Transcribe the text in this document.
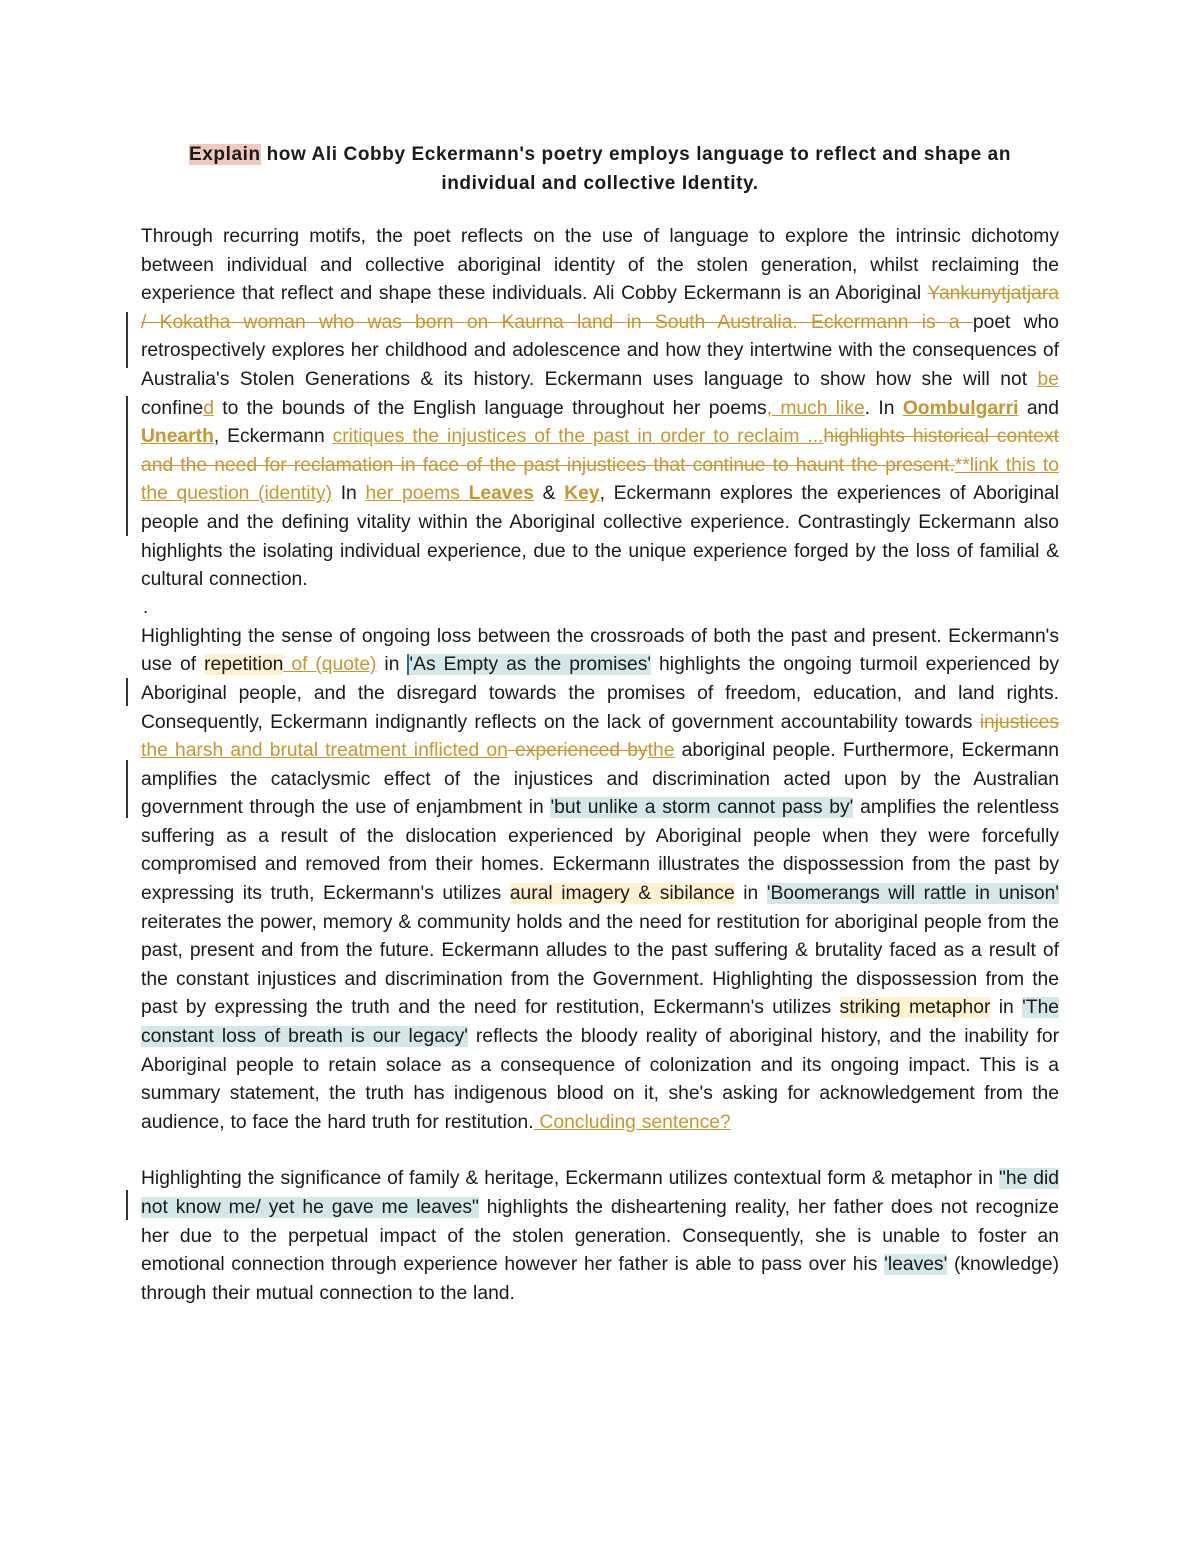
Explain how Ali Cobby Eckermann's poetry employs language to reflect and shape an
individual and collective Identity.

Through recurring motifs, the poet reflects on the use of language to explore the intrinsic dichotomy between individual and collective aboriginal identity of the stolen generation, whilst reclaiming the experience that reflect and shape these individuals. Ali Cobby Eckermann is an Aboriginal Yankunytjatjara / Kokatha woman who was born on Kaurna land in South Australia. Eckermann is a poet who retrospectively explores her childhood and adolescence and how they intertwine with the consequences of Australia's Stolen Generations & its history. Eckermann uses language to show how she will not be confined to the bounds of the English language throughout her poems, much like. In Oombulgarri and Unearth, Eckermann critiques the injustices of the past in order to reclaim ...highlights historical context and the need for reclamation in face of the past injustices that continue to haunt the present.**link this to the question (identity) In her poems Leaves & Key, Eckermann explores the experiences of Aboriginal people and the defining vitality within the Aboriginal collective experience. Contrastingly Eckermann also highlights the isolating individual experience, due to the unique experience forged by the loss of familial & cultural connection.

.

Highlighting the sense of ongoing loss between the crossroads of both the past and present. Eckermann's use of repetition of (quote) in 'As Empty as the promises' highlights the ongoing turmoil experienced by Aboriginal people, and the disregard towards the promises of freedom, education, and land rights. Consequently, Eckermann indignantly reflects on the lack of government accountability towards injustices the harsh and brutal treatment inflicted on experienced bythe aboriginal people. Furthermore, Eckermann amplifies the cataclysmic effect of the injustices and discrimination acted upon by the Australian government through the use of enjambment in 'but unlike a storm cannot pass by' amplifies the relentless suffering as a result of the dislocation experienced by Aboriginal people when they were forcefully compromised and removed from their homes. Eckermann illustrates the dispossession from the past by expressing its truth, Eckermann's utilizes aural imagery & sibilance in 'Boomerangs will rattle in unison' reiterates the power, memory & community holds and the need for restitution for aboriginal people from the past, present and from the future. Eckermann alludes to the past suffering & brutality faced as a result of the constant injustices and discrimination from the Government. Highlighting the dispossession from the past by expressing the truth and the need for restitution, Eckermann's utilizes striking metaphor in 'The constant loss of breath is our legacy' reflects the bloody reality of aboriginal history, and the inability for Aboriginal people to retain solace as a consequence of colonization and its ongoing impact. This is a summary statement, the truth has indigenous blood on it, she's asking for acknowledgement from the audience, to face the hard truth for restitution. Concluding sentence?

Highlighting the significance of family & heritage, Eckermann utilizes contextual form & metaphor in "he did not know me/ yet he gave me leaves" highlights the disheartening reality, her father does not recognize her due to the perpetual impact of the stolen generation. Consequently, she is unable to foster an emotional connection through experience however her father is able to pass over his 'leaves' (knowledge) through their mutual connection to the land.
